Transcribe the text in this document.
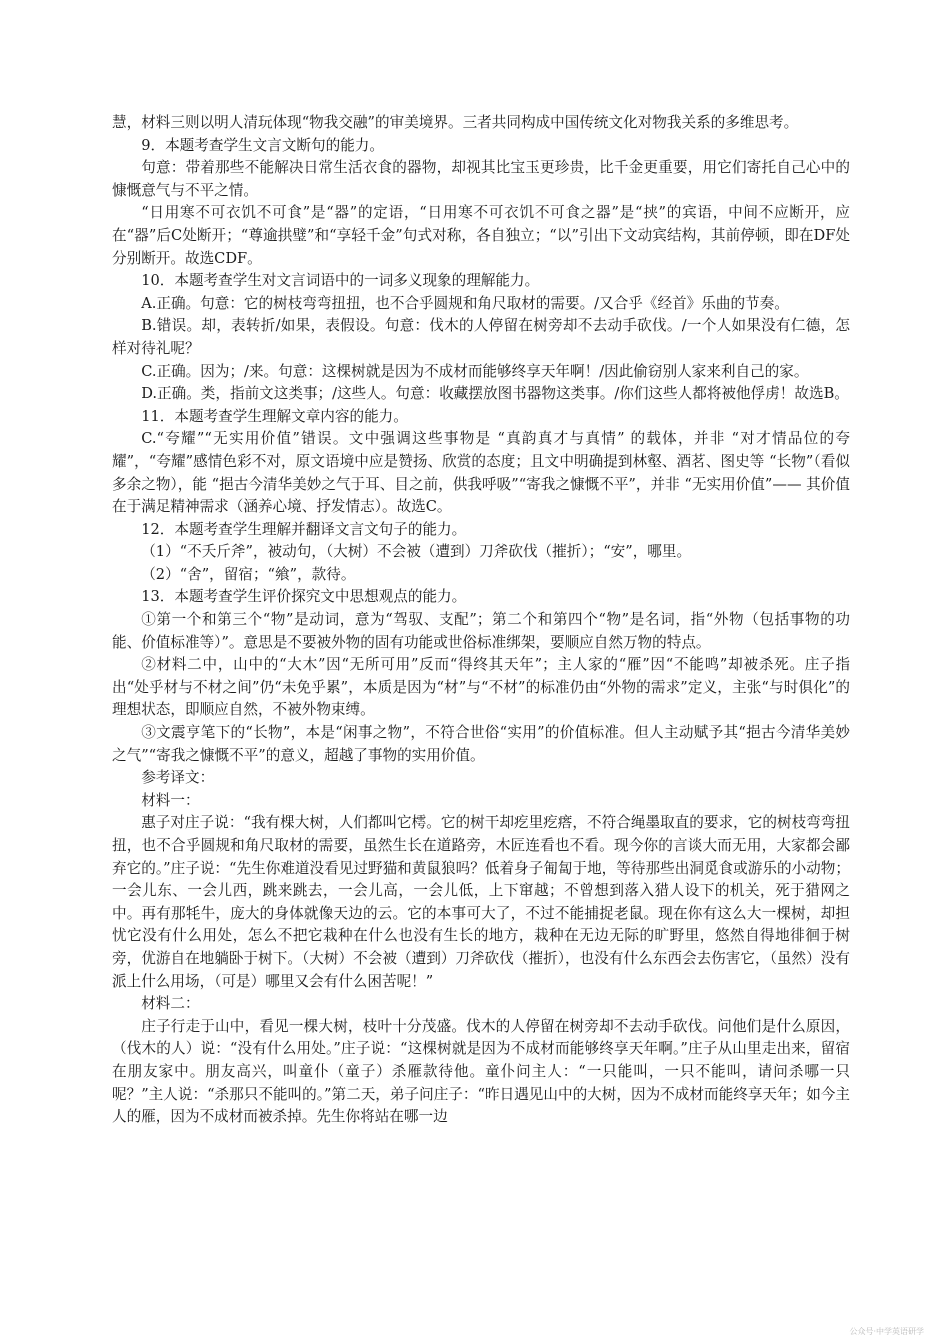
慧，材料三则以明人清玩体现“物我交融”的审美境界。三者共同构成中国传统文化对物我关系的多维思考。

9．本题考查学生文言文断句的能力。

句意：带着那些不能解决日常生活衣食的器物，却视其比宝玉更珍贵，比千金更重要，用它们寄托自己心中的慷慨意气与不平之情。

“日用寒不可衣饥不可食”是“器”的定语，“日用寒不可衣饥不可食之器”是“挟”的宾语，中间不应断开，应在“器”后C处断开；“尊逾拱璧”和“享轻千金”句式对称，各自独立；“以”引出下文动宾结构，其前停顿，即在DF处分别断开。故选CDF。

10．本题考查学生对文言词语中的一词多义现象的理解能力。

A.正确。句意：它的树枝弯弯扭扭，也不合乎圆规和角尺取材的需要。/又合乎《经首》乐曲的节奏。

B.错误。却，表转折/如果，表假设。句意：伐木的人停留在树旁却不去动手砍伐。/一个人如果没有仁德，怎样对待礼呢？

C.正确。因为；/来。句意：这棵树就是因为不成材而能够终享天年啊！/因此偷窃别人家来利自己的家。

D.正确。类，指前文这类事；/这些人。句意：收藏摆放图书器物这类事。/你们这些人都将被他俘虏！故选B。

11．本题考查学生理解文章内容的能力。

C.“夸耀”“无实用价值”错误。文中强调这些事物是 “真韵真才与真情” 的载体，并非 “对才情品位的夸耀”，“夸耀”感情色彩不对，原文语境中应是赞扬、欣赏的态度；且文中明确提到林壑、酒茗、图史等 “长物”（看似多余之物），能 “挹古今清华美妙之气于耳、目之前，供我呼吸”“寄我之慷慨不平”，并非 “无实用价值”—— 其价值在于满足精神需求（涵养心境、抒发情志）。故选C。

12．本题考查学生理解并翻译文言文句子的能力。

（1）“不夭斤斧”，被动句，（大树）不会被（遭到）刀斧砍伐（摧折）；“安”，哪里。

（2）“舍”，留宿；“飨”，款待。

13．本题考查学生评价探究文中思想观点的能力。

①第一个和第三个“物”是动词，意为“驾驭、支配”；第二个和第四个“物”是名词，指“外物（包括事物的功能、价值标准等）”。意思是不要被外物的固有功能或世俗标准绑架，要顺应自然万物的特点。

②材料二中，山中的“大木”因“无所可用”反而“得终其天年”；主人家的“雁”因“不能鸣”却被杀死。庄子指出“处乎材与不材之间”仍“未免乎累”，本质是因为“材”与“不材”的标准仍由“外物的需求”定义，主张“与时俱化”的理想状态，即顺应自然，不被外物束缚。

③文震亨笔下的“长物”，本是“闲事之物”，不符合世俗“实用”的价值标准。但人主动赋予其“挹古今清华美妙之气”“寄我之慷慨不平”的意义，超越了事物的实用价值。

参考译文：

材料一：

惠子对庄子说：“我有棵大树，人们都叫它樗。它的树干却疙里疙瘩，不符合绳墨取直的要求，它的树枝弯弯扭扭，也不合乎圆规和角尺取材的需要，虽然生长在道路旁，木匠连看也不看。现今你的言谈大而无用，大家都会鄙弃它的。”庄子说：“先生你难道没看见过野猫和黄鼠狼吗？低着身子匍匐于地，等待那些出洞觅食或游乐的小动物；一会儿东、一会儿西，跳来跳去，一会儿高，一会儿低，上下窜越；不曾想到落入猎人设下的机关，死于猎网之中。再有那牦牛，庞大的身体就像天边的云。它的本事可大了，不过不能捕捉老鼠。现在你有这么大一棵树，却担忧它没有什么用处，怎么不把它栽种在什么也没有生长的地方，栽种在无边无际的旷野里，悠然自得地徘徊于树旁，优游自在地躺卧于树下。（大树）不会被（遭到）刀斧砍伐（摧折），也没有什么东西会去伤害它，（虽然）没有派上什么用场，（可是）哪里又会有什么困苦呢！”

材料二：

庄子行走于山中，看见一棵大树，枝叶十分茂盛。伐木的人停留在树旁却不去动手砍伐。问他们是什么原因，（伐木的人）说：“没有什么用处。”庄子说：“这棵树就是因为不成材而能够终享天年啊。”庄子从山里走出来，留宿在朋友家中。朋友高兴，叫童仆（童子）杀雁款待他。童仆问主人：“一只能叫，一只不能叫，请问杀哪一只呢？”主人说：“杀那只不能叫的。”第二天，弟子问庄子：“昨日遇见山中的大树，因为不成材而能终享天年；如今主人的雁，因为不成材而被杀掉。先生你将站在哪一边

公众号·中学英语研学
